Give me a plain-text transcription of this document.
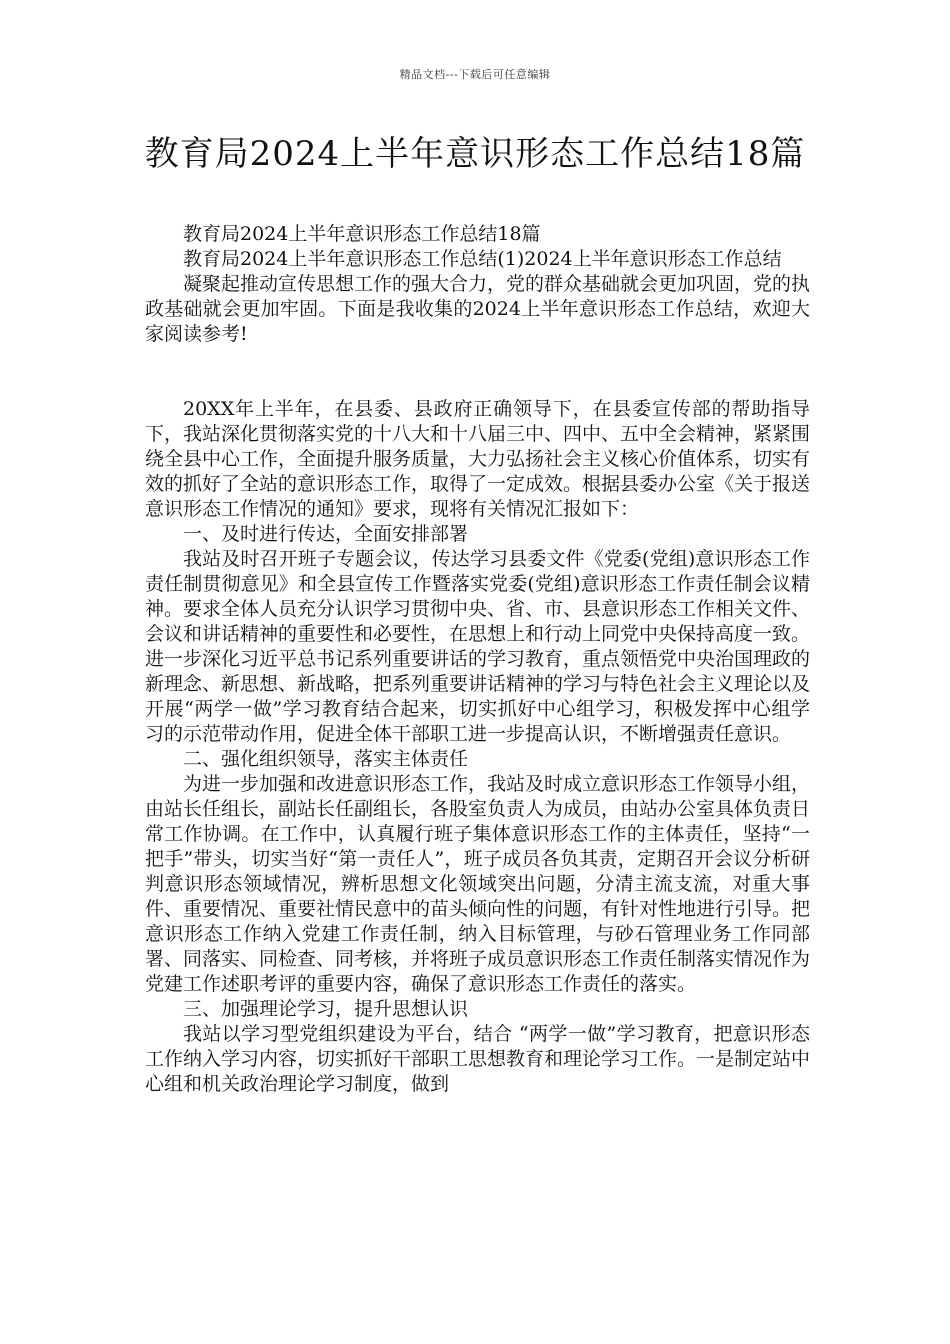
精品文档---下载后可任意编辑
教育局2024上半年意识形态工作总结18篇

教育局2024上半年意识形态工作总结18篇

教育局2024上半年意识形态工作总结(1)2024上半年意识形态工作总结

凝聚起推动宣传思想工作的强大合力，党的群众基础就会更加巩固，党的执政基础就会更加牢固。下面是我收集的2024上半年意识形态工作总结，欢迎大家阅读参考!

20XX年上半年，在县委、县政府正确领导下，在县委宣传部的帮助指导下，我站深化贯彻落实党的十八大和十八届三中、四中、五中全会精神，紧紧围绕全县中心工作，全面提升服务质量，大力弘扬社会主义核心价值体系，切实有效的抓好了全站的意识形态工作，取得了一定成效。根据县委办公室《关于报送意识形态工作情况的通知》要求，现将有关情况汇报如下：

一、及时进行传达，全面安排部署

我站及时召开班子专题会议，传达学习县委文件《党委(党组)意识形态工作责任制贯彻意见》和全县宣传工作暨落实党委(党组)意识形态工作责任制会议精神。要求全体人员充分认识学习贯彻中央、省、市、县意识形态工作相关文件、会议和讲话精神的重要性和必要性，在思想上和行动上同党中央保持高度一致。进一步深化习近平总书记系列重要讲话的学习教育，重点领悟党中央治国理政的新理念、新思想、新战略，把系列重要讲话精神的学习与特色社会主义理论以及开展“两学一做”学习教育结合起来，切实抓好中心组学习，积极发挥中心组学习的示范带动作用，促进全体干部职工进一步提高认识，不断增强责任意识。

二、强化组织领导，落实主体责任

为进一步加强和改进意识形态工作，我站及时成立意识形态工作领导小组，由站长任组长，副站长任副组长，各股室负责人为成员，由站办公室具体负责日常工作协调。在工作中，认真履行班子集体意识形态工作的主体责任，坚持“一把手”带头，切实当好“第一责任人”，班子成员各负其责，定期召开会议分析研判意识形态领域情况，辨析思想文化领域突出问题，分清主流支流，对重大事件、重要情况、重要社情民意中的苗头倾向性的问题，有针对性地进行引导。把意识形态工作纳入党建工作责任制，纳入目标管理，与砂石管理业务工作同部署、同落实、同检查、同考核，并将班子成员意识形态工作责任制落实情况作为党建工作述职考评的重要内容，确保了意识形态工作责任的落实。

三、加强理论学习，提升思想认识

我站以学习型党组织建设为平台，结合 “两学一做”学习教育，把意识形态工作纳入学习内容，切实抓好干部职工思想教育和理论学习工作。一是制定站中心组和机关政治理论学习制度，做到
